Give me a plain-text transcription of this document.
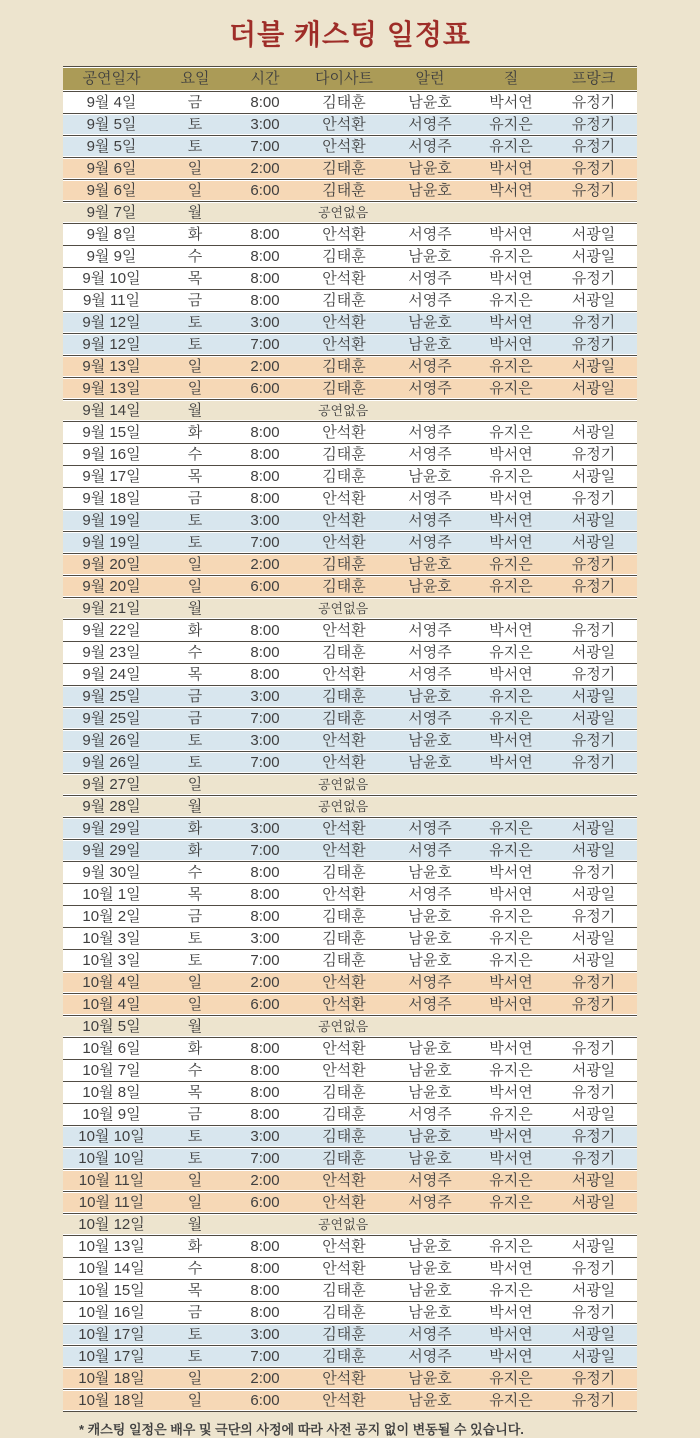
더블 캐스팅 일정표
공연일자	요일	시간	다이사트	알런	질	프랑크
9월 4일	금	8:00	김태훈	남윤호	박서연	유정기
9월 5일	토	3:00	안석환	서영주	유지은	유정기
9월 5일	토	7:00	안석환	서영주	유지은	유정기
9월 6일	일	2:00	김태훈	남윤호	박서연	유정기
9월 6일	일	6:00	김태훈	남윤호	박서연	유정기
9월 7일	월	공연없음				
9월 8일	화	8:00	안석환	서영주	박서연	서광일
9월 9일	수	8:00	김태훈	남윤호	유지은	서광일
9월 10일	목	8:00	안석환	서영주	박서연	유정기
9월 11일	금	8:00	김태훈	서영주	유지은	서광일
9월 12일	토	3:00	안석환	남윤호	박서연	유정기
9월 12일	토	7:00	안석환	남윤호	박서연	유정기
9월 13일	일	2:00	김태훈	서영주	유지은	서광일
9월 13일	일	6:00	김태훈	서영주	유지은	서광일
9월 14일	월	공연없음				
9월 15일	화	8:00	안석환	서영주	유지은	서광일
9월 16일	수	8:00	김태훈	서영주	박서연	유정기
9월 17일	목	8:00	김태훈	남윤호	유지은	서광일
9월 18일	금	8:00	안석환	서영주	박서연	유정기
9월 19일	토	3:00	안석환	서영주	박서연	서광일
9월 19일	토	7:00	안석환	서영주	박서연	서광일
9월 20일	일	2:00	김태훈	남윤호	유지은	유정기
9월 20일	일	6:00	김태훈	남윤호	유지은	유정기
9월 21일	월	공연없음				
9월 22일	화	8:00	안석환	서영주	박서연	유정기
9월 23일	수	8:00	김태훈	서영주	유지은	서광일
9월 24일	목	8:00	안석환	서영주	박서연	유정기
9월 25일	금	3:00	김태훈	남윤호	유지은	서광일
9월 25일	금	7:00	김태훈	서영주	유지은	서광일
9월 26일	토	3:00	안석환	남윤호	박서연	유정기
9월 26일	토	7:00	안석환	남윤호	박서연	유정기
9월 27일	일	공연없음				
9월 28일	월	공연없음				
9월 29일	화	3:00	안석환	서영주	유지은	서광일
9월 29일	화	7:00	안석환	서영주	유지은	서광일
9월 30일	수	8:00	김태훈	남윤호	박서연	유정기
10월 1일	목	8:00	안석환	서영주	박서연	서광일
10월 2일	금	8:00	김태훈	남윤호	유지은	유정기
10월 3일	토	3:00	김태훈	남윤호	유지은	서광일
10월 3일	토	7:00	김태훈	남윤호	유지은	서광일
10월 4일	일	2:00	안석환	서영주	박서연	유정기
10월 4일	일	6:00	안석환	서영주	박서연	유정기
10월 5일	월	공연없음				
10월 6일	화	8:00	안석환	남윤호	박서연	유정기
10월 7일	수	8:00	안석환	남윤호	유지은	서광일
10월 8일	목	8:00	김태훈	남윤호	박서연	유정기
10월 9일	금	8:00	김태훈	서영주	유지은	서광일
10월 10일	토	3:00	김태훈	남윤호	박서연	유정기
10월 10일	토	7:00	김태훈	남윤호	박서연	유정기
10월 11일	일	2:00	안석환	서영주	유지은	서광일
10월 11일	일	6:00	안석환	서영주	유지은	서광일
10월 12일	월	공연없음				
10월 13일	화	8:00	안석환	남윤호	유지은	서광일
10월 14일	수	8:00	안석환	남윤호	박서연	유정기
10월 15일	목	8:00	김태훈	남윤호	유지은	서광일
10월 16일	금	8:00	김태훈	남윤호	박서연	유정기
10월 17일	토	3:00	김태훈	서영주	박서연	서광일
10월 17일	토	7:00	김태훈	서영주	박서연	서광일
10월 18일	일	2:00	안석환	남윤호	유지은	유정기
10월 18일	일	6:00	안석환	남윤호	유지은	유정기
* 캐스팅 일정은 배우 및 극단의 사정에 따라 사전 공지 없이 변동될 수 있습니다.
